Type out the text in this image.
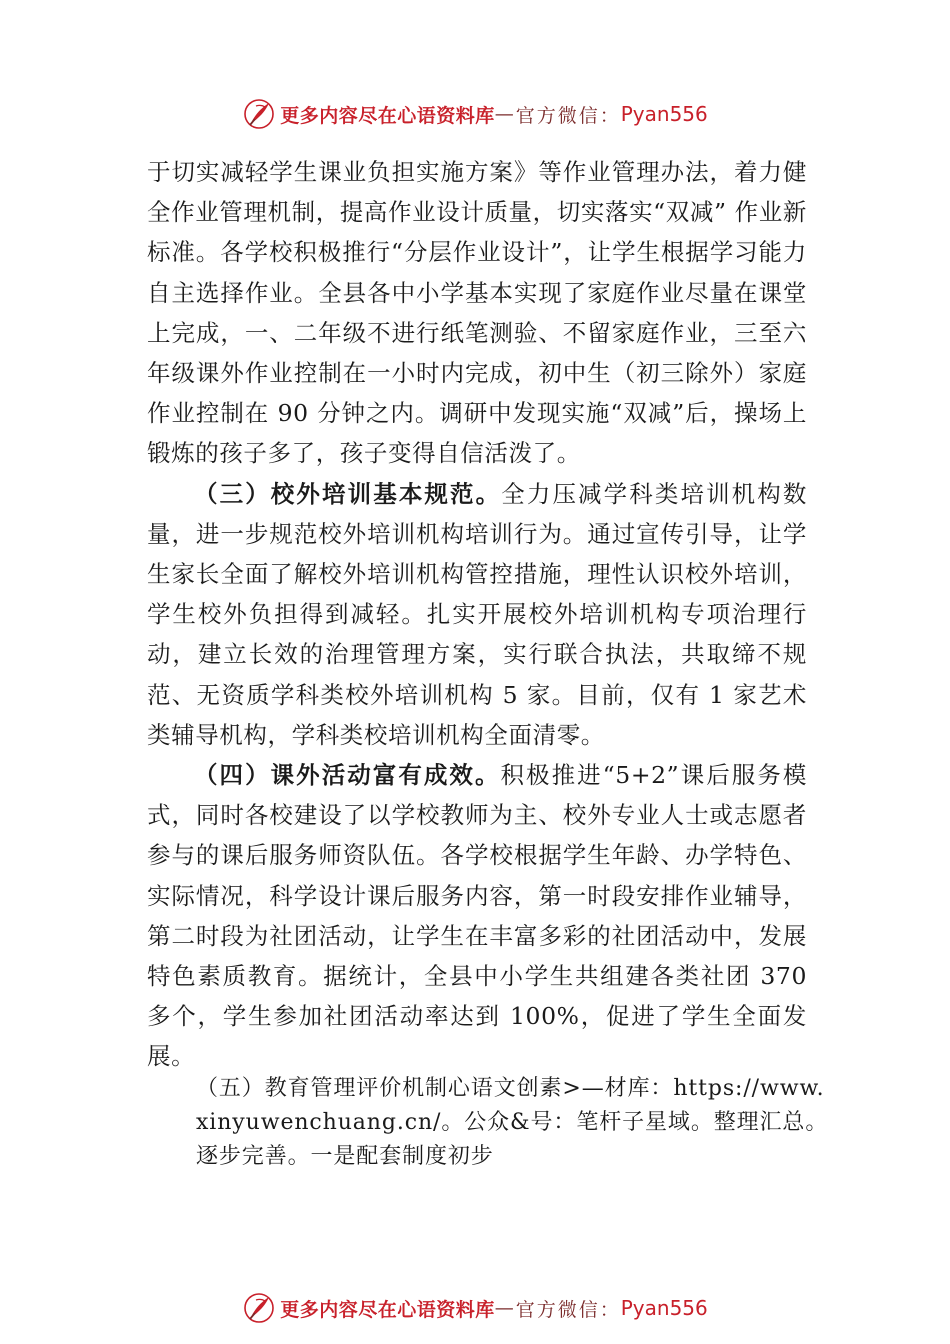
更多内容尽在心语资料库 — 官方微信： Pyan556

于切实减轻学生课业负担实施方案》等作业管理办法，着力健全作业管理机制，提高作业设计质量，切实落实“双减” 作业新标准。各学校积极推行“分层作业设计”，让学生根据学习能力自主选择作业。全县各中小学基本实现了家庭作业尽量在课堂上完成，一、二年级不进行纸笔测验、不留家庭作业，三至六年级课外作业控制在一小时内完成，初中生（初三除外）家庭作业控制在 90 分钟之内。调研中发现实施“双减”后，操场上锻炼的孩子多了，孩子变得自信活泼了。

（三）校外培训基本规范。全力压减学科类培训机构数量，进一步规范校外培训机构培训行为。通过宣传引导，让学生家长全面了解校外培训机构管控措施，理性认识校外培训，学生校外负担得到减轻。扎实开展校外培训机构专项治理行动，建立长效的治理管理方案，实行联合执法，共取缔不规范、无资质学科类校外培训机构 5 家。目前，仅有 1 家艺术类辅导机构，学科类校培训机构全面清零。

（四）课外活动富有成效。积极推进“5+2”课后服务模式，同时各校建设了以学校教师为主、校外专业人士或志愿者参与的课后服务师资队伍。各学校根据学生年龄、办学特色、实际情况，科学设计课后服务内容，第一时段安排作业辅导，第二时段为社团活动，让学生在丰富多彩的社团活动中，发展特色素质教育。据统计，全县中小学生共组建各类社团 370 多个，学生参加社团活动率达到 100%，促进了学生全面发展。

（五）教育管理评价机制心语文创素>—材库：https://www.xinyuwenchuang.cn/。公众&号：笔杆子星域。整理汇总。逐步完善。一是配套制度初步

更多内容尽在心语资料库 — 官方微信： Pyan556
